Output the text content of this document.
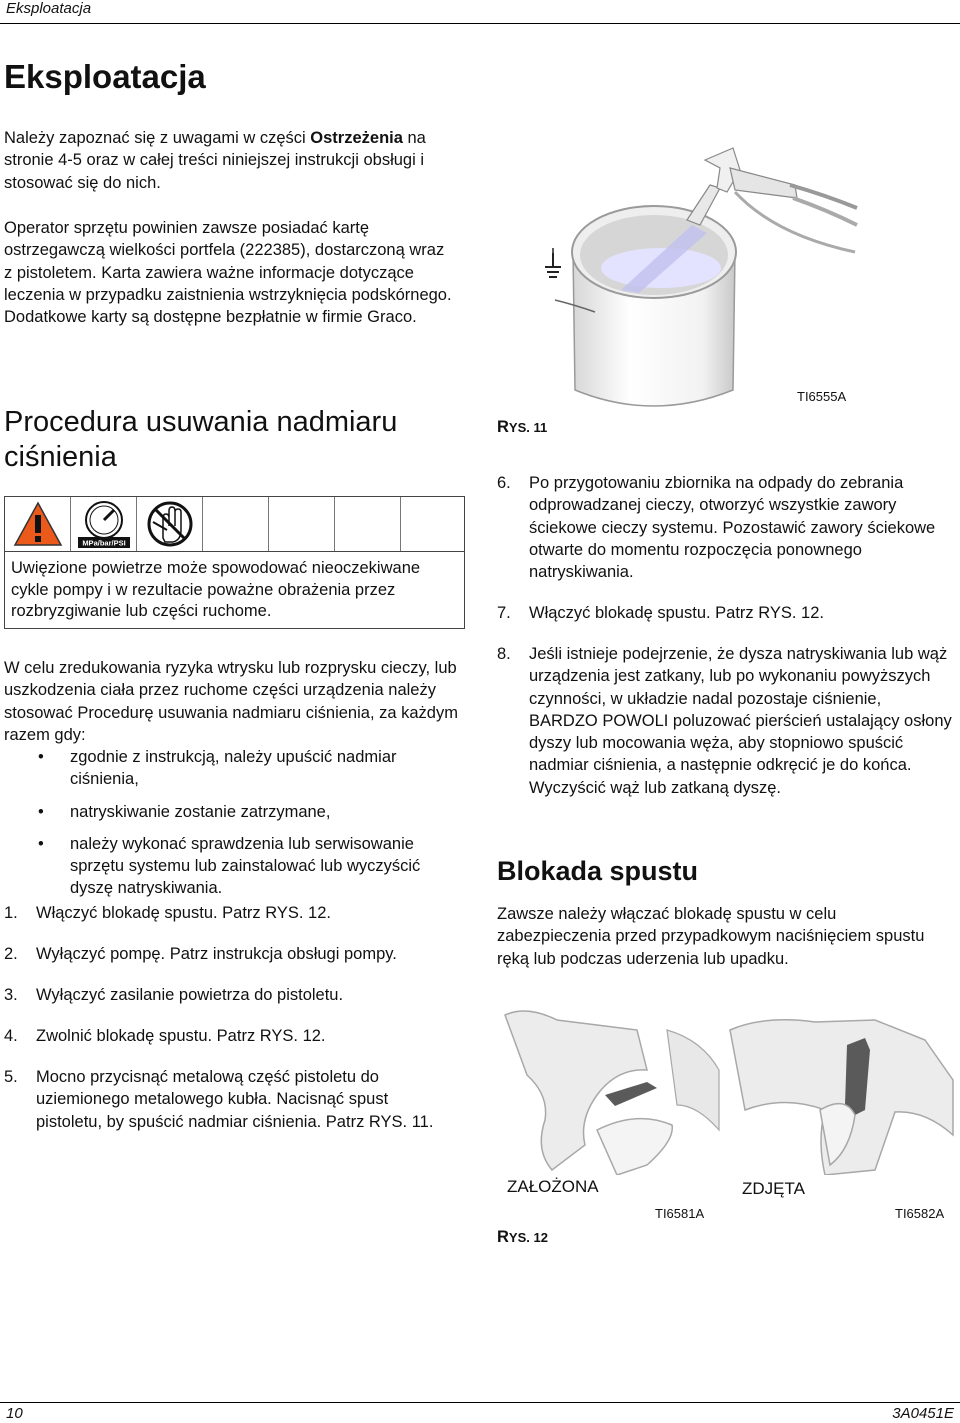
Eksploatacja
Eksploatacja
Należy zapoznać się z uwagami w części Ostrzeżenia na stronie 4-5 oraz w całej treści niniejszej instrukcji obsługi i stosować się do nich.
Operator sprzętu powinien zawsze posiadać kartę ostrzegawczą wielkości portfela (222385), dostarczoną wraz z pistoletem. Karta zawiera ważne informacje dotyczące leczenia w przypadku zaistnienia wstrzyknięcia podskórnego. Dodatkowe karty są dostępne bezpłatnie w firmie Graco.
TI6555A
RYS. 11
Procedura usuwania nadmiaru
ciśnienia
MPa/bar/PSI
Uwięzione powietrze może spowodować nieoczekiwane cykle pompy i w rezultacie poważne obrażenia przez rozbryzgiwanie lub części ruchome.
W celu zredukowania ryzyka wtrysku lub rozprysku cieczy, lub uszkodzenia ciała przez ruchome części urządzenia należy stosować Procedurę usuwania nadmiaru ciśnienia, za każdym razem gdy:
• zgodnie z instrukcją, należy upuścić nadmiar ciśnienia,
• natryskiwanie zostanie zatrzymane,
• należy wykonać sprawdzenia lub serwisowanie sprzętu systemu lub zainstalować lub wyczyścić dyszę natryskiwania.
1. Włączyć blokadę spustu. Patrz RYS. 12.
2. Wyłączyć pompę. Patrz instrukcja obsługi pompy.
3. Wyłączyć zasilanie powietrza do pistoletu.
4. Zwolnić blokadę spustu. Patrz RYS. 12.
5. Mocno przycisnąć metalową część pistoletu do uziemionego metalowego kubła. Nacisnąć spust pistoletu, by spuścić nadmiar ciśnienia. Patrz RYS. 11.
6. Po przygotowaniu zbiornika na odpady do zebrania odprowadzanej cieczy, otworzyć wszystkie zawory ściekowe cieczy systemu. Pozostawić zawory ściekowe otwarte do momentu rozpoczęcia ponownego natryskiwania.
7. Włączyć blokadę spustu. Patrz RYS. 12.
8. Jeśli istnieje podejrzenie, że dysza natryskiwania lub wąż urządzenia jest zatkany, lub po wykonaniu powyższych czynności, w układzie nadal pozostaje ciśnienie, BARDZO POWOLI poluzować pierścień ustalający osłony dyszy lub mocowania węża, aby stopniowo spuścić nadmiar ciśnienia, a następnie odkręcić je do końca. Wyczyścić wąż lub zatkaną dyszę.
Blokada spustu
Zawsze należy włączać blokadę spustu w celu zabezpieczenia przed przypadkowym naciśnięciem spustu ręką lub podczas uderzenia lub upadku.
ZAŁOŻONA	ZDJĘTA
TI6581A	TI6582A
RYS. 12
10	3A0451E
